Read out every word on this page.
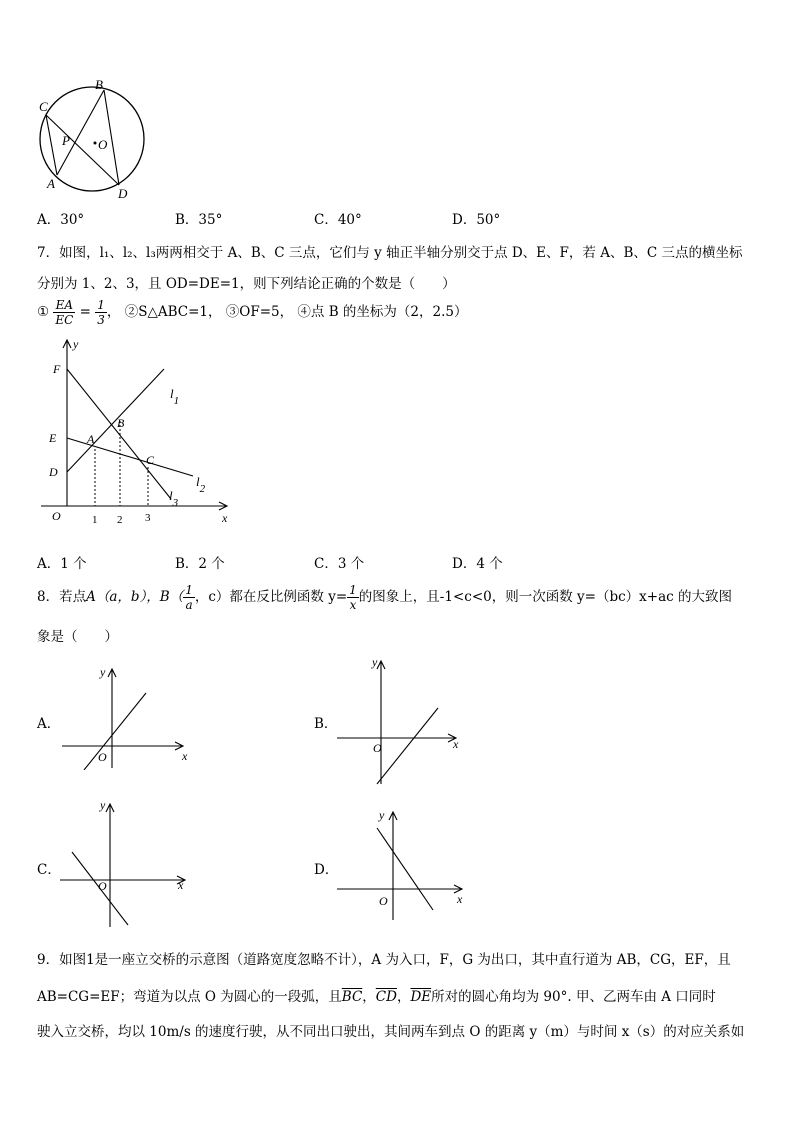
B
C
P O
A
D
A．30°	B．35°	C．40°	D．50°
7．如图，l₁、l₂、l₃两两相交于 A、B、C 三点，它们与 y 轴正半轴分别交于点 D、E、F，若 A、B、C 三点的横坐标
分别为 1、2、3，且 OD=DE=1，则下列结论正确的个数是（　　）
① $\frac{EA}{EC} = \frac{1}{3}$ ， ②S△ABC=1， ③OF=5， ④点 B 的坐标为（2，2.5）
y
x
F
E
D
O
A
B
C
$l_1$
$l_2$
$l_3$
1 2 3
A．1 个	B．2 个	C．3 个	D．4 个
8．若点A（a，b），$B( \frac{1}{a}$ ，c）都在反比例函数 $y= \frac{1}{x}$ 的图象上，且-1<c<0，则一次函数 y=（bc）x+ac 的大致图
象是（　　）
A．
O	x
y
B．
O	x
y
C．
O	x
y
D．
O	x
y
9．如图1是一座立交桥的示意图（道路宽度忽略不计），A 为入口，F，G 为出口，其中直行道为 AB，CG，EF，且
AB=CG=EF；弯道为以点 O 为圆心的一段弧，且$\overline{BC}$，$\overline{CD}$，$\overline{DE}$所对的圆心角均为 90°. 甲、乙两车由 A 口同时
驶入立交桥，均以 10m/s 的速度行驶，从不同出口驶出，其间两车到点 O 的距离 y（m）与时间 x（s）的对应关系如
